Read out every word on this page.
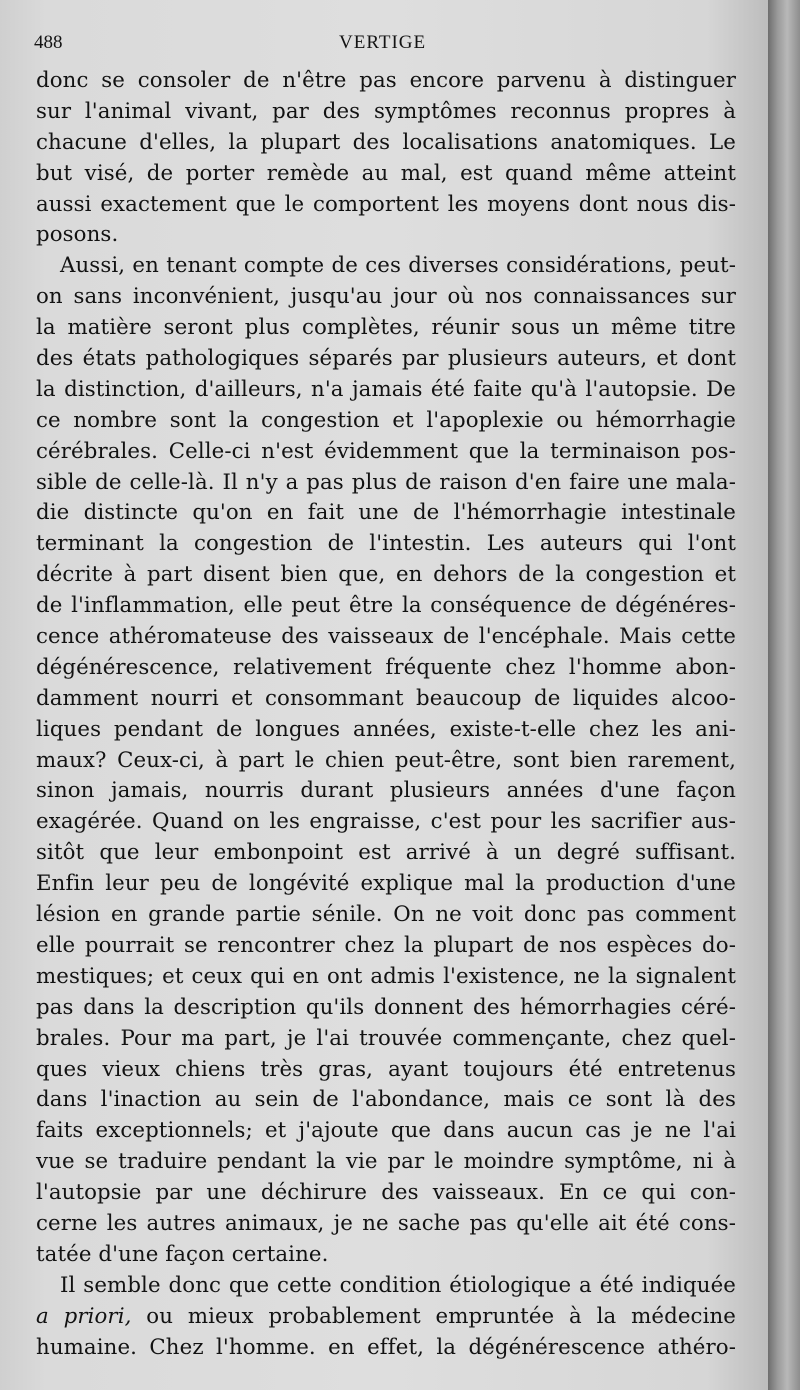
488	VERTIGE
donc se consoler de n'être pas encore parvenu à distinguer
sur l'animal vivant, par des symptômes reconnus propres à
chacune d'elles, la plupart des localisations anatomiques. Le
but visé, de porter remède au mal, est quand même atteint
aussi exactement que le comportent les moyens dont nous dis-
posons.
Aussi, en tenant compte de ces diverses considérations, peut-
on sans inconvénient, jusqu'au jour où nos connaissances sur
la matière seront plus complètes, réunir sous un même titre
des états pathologiques séparés par plusieurs auteurs, et dont
la distinction, d'ailleurs, n'a jamais été faite qu'à l'autopsie. De
ce nombre sont la congestion et l'apoplexie ou hémorrhagie
cérébrales. Celle-ci n'est évidemment que la terminaison pos-
sible de celle-là. Il n'y a pas plus de raison d'en faire une mala-
die distincte qu'on en fait une de l'hémorrhagie intestinale
terminant la congestion de l'intestin. Les auteurs qui l'ont
décrite à part disent bien que, en dehors de la congestion et
de l'inflammation, elle peut être la conséquence de dégénéres-
cence athéromateuse des vaisseaux de l'encéphale. Mais cette
dégénérescence, relativement fréquente chez l'homme abon-
damment nourri et consommant beaucoup de liquides alcoo-
liques pendant de longues années, existe-t-elle chez les ani-
maux? Ceux-ci, à part le chien peut-être, sont bien rarement,
sinon jamais, nourris durant plusieurs années d'une façon
exagérée. Quand on les engraisse, c'est pour les sacrifier aus-
sitôt que leur embonpoint est arrivé à un degré suffisant.
Enfin leur peu de longévité explique mal la production d'une
lésion en grande partie sénile. On ne voit donc pas comment
elle pourrait se rencontrer chez la plupart de nos espèces do-
mestiques; et ceux qui en ont admis l'existence, ne la signalent
pas dans la description qu'ils donnent des hémorrhagies céré-
brales. Pour ma part, je l'ai trouvée commençante, chez quel-
ques vieux chiens très gras, ayant toujours été entretenus
dans l'inaction au sein de l'abondance, mais ce sont là des
faits exceptionnels; et j'ajoute que dans aucun cas je ne l'ai
vue se traduire pendant la vie par le moindre symptôme, ni à
l'autopsie par une déchirure des vaisseaux. En ce qui con-
cerne les autres animaux, je ne sache pas qu'elle ait été cons-
tatée d'une façon certaine.
Il semble donc que cette condition étiologique a été indiquée
a priori, ou mieux probablement empruntée à la médecine
humaine. Chez l'homme. en effet, la dégénérescence athéro-
